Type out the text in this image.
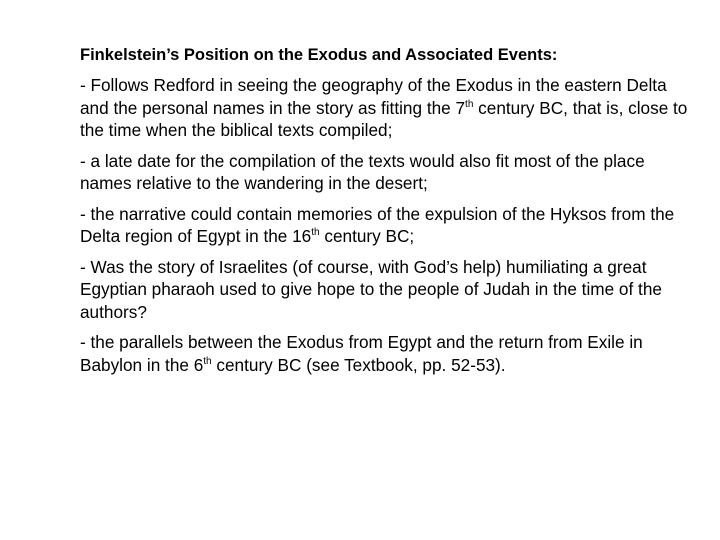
Finkelstein’s Position on the Exodus and Associated Events:

- Follows Redford in seeing the geography of the Exodus in the eastern Delta and the personal names in the story as fitting the 7th century BC, that is, close to the time when the biblical texts compiled;

- a late date for the compilation of the texts would also fit most of the place names relative to the wandering in the desert;

- the narrative could contain memories of the expulsion of the Hyksos from the Delta region of Egypt in the 16th century BC;

- Was the story of Israelites (of course, with God’s help) humiliating a great Egyptian pharaoh used to give hope to the people of Judah in the time of the authors?

- the parallels between the Exodus from Egypt and the return from Exile in Babylon in the 6th century BC (see Textbook, pp. 52-53).
